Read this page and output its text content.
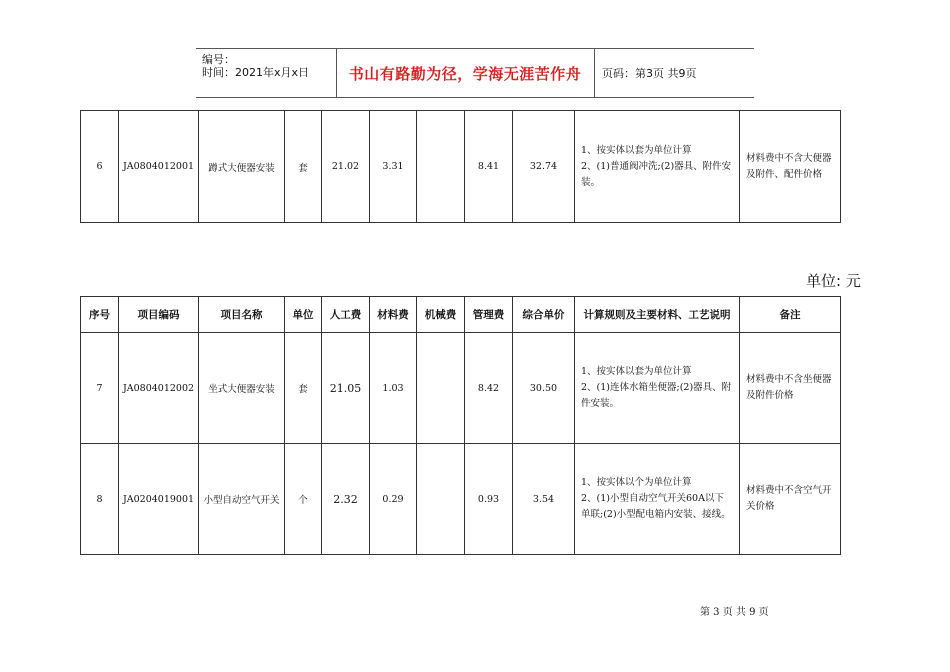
编号：
时间：2021年x月x日	书山有路勤为径，学海无涯苦作舟 页码：第3页 共9页
6	JA0804012001	蹲式大便器安装	套	21.02	3.31		8.41	32.74	1、按实体以套为单位计算
2、(1)普通阀冲洗;(2)器具、附件安装。	材料费中不含大便器及附件、配件价格
单位: 元
序号	项目编码	项目名称	单位	人工费	材料费	机械费	管理费	综合单价	计算规则及主要材料、工艺说明	备注
7	JA0804012002	坐式大便器安装	套	21.05	1.03		8.42	30.50	1、按实体以套为单位计算
2、(1)连体水箱坐便器;(2)器具、附件安装。	材料费中不含坐便器及附件价格
8	JA0204019001	小型自动空气开关	个	2.32	0.29		0.93	3.54	1、按实体以个为单位计算
2、(1)小型自动空气开关60A以下单联;(2)小型配电箱内安装、接线。	材料费中不含空气开关价格
第 3 页 共 9 页
